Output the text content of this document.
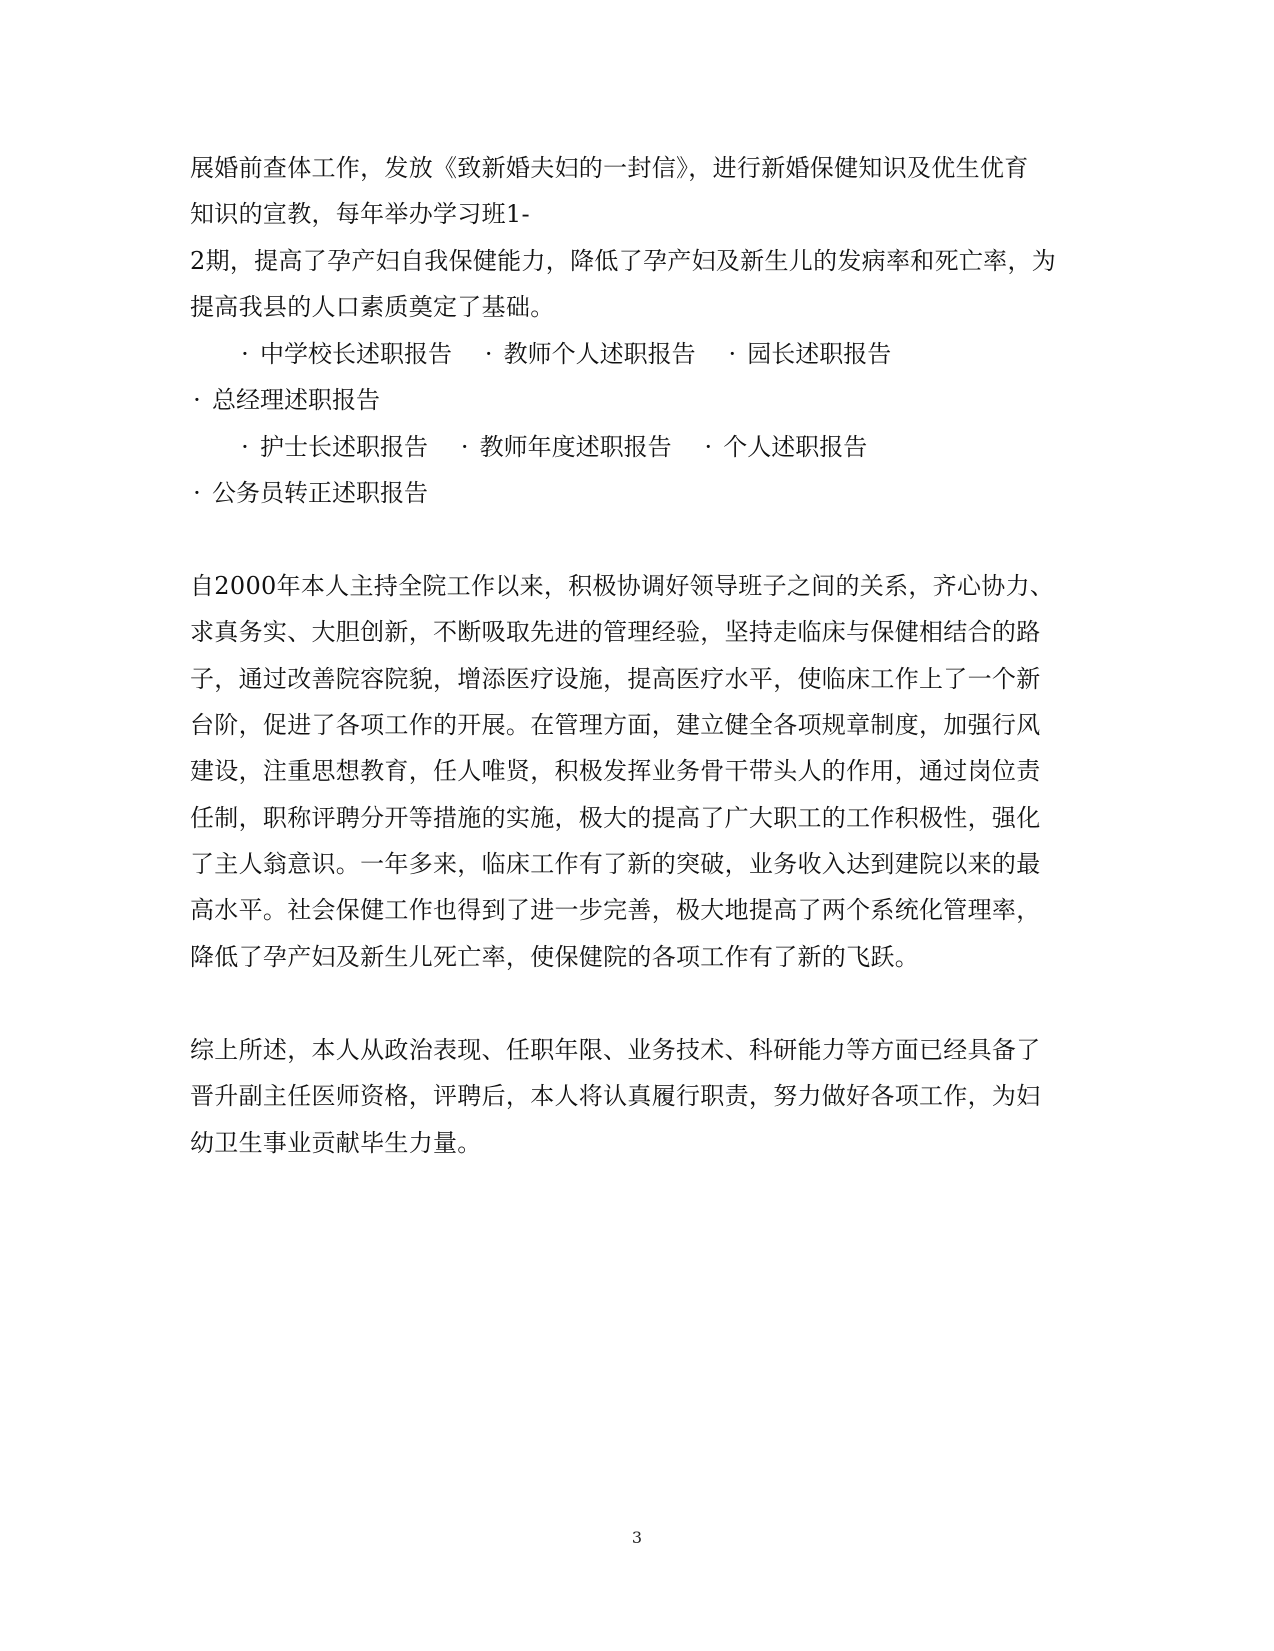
展婚前查体工作，发放《致新婚夫妇的一封信》，进行新婚保健知识及优生优育
知识的宣教，每年举办学习班1-
2期，提高了孕产妇自我保健能力，降低了孕产妇及新生儿的发病率和死亡率，为
提高我县的人口素质奠定了基础。
· 中学校长述职报告 · 教师个人述职报告 · 园长述职报告
· 总经理述职报告
· 护士长述职报告 · 教师年度述职报告 · 个人述职报告
· 公务员转正述职报告
自2000年本人主持全院工作以来，积极协调好领导班子之间的关系，齐心协力、
求真务实、大胆创新，不断吸取先进的管理经验，坚持走临床与保健相结合的路
子，通过改善院容院貌，增添医疗设施，提高医疗水平，使临床工作上了一个新
台阶，促进了各项工作的开展。在管理方面，建立健全各项规章制度，加强行风
建设，注重思想教育，任人唯贤，积极发挥业务骨干带头人的作用，通过岗位责
任制，职称评聘分开等措施的实施，极大的提高了广大职工的工作积极性，强化
了主人翁意识。一年多来，临床工作有了新的突破，业务收入达到建院以来的最
高水平。社会保健工作也得到了进一步完善，极大地提高了两个系统化管理率，
降低了孕产妇及新生儿死亡率，使保健院的各项工作有了新的飞跃。
综上所述，本人从政治表现、任职年限、业务技术、科研能力等方面已经具备了
晋升副主任医师资格，评聘后，本人将认真履行职责，努力做好各项工作，为妇
幼卫生事业贡献毕生力量。
3
